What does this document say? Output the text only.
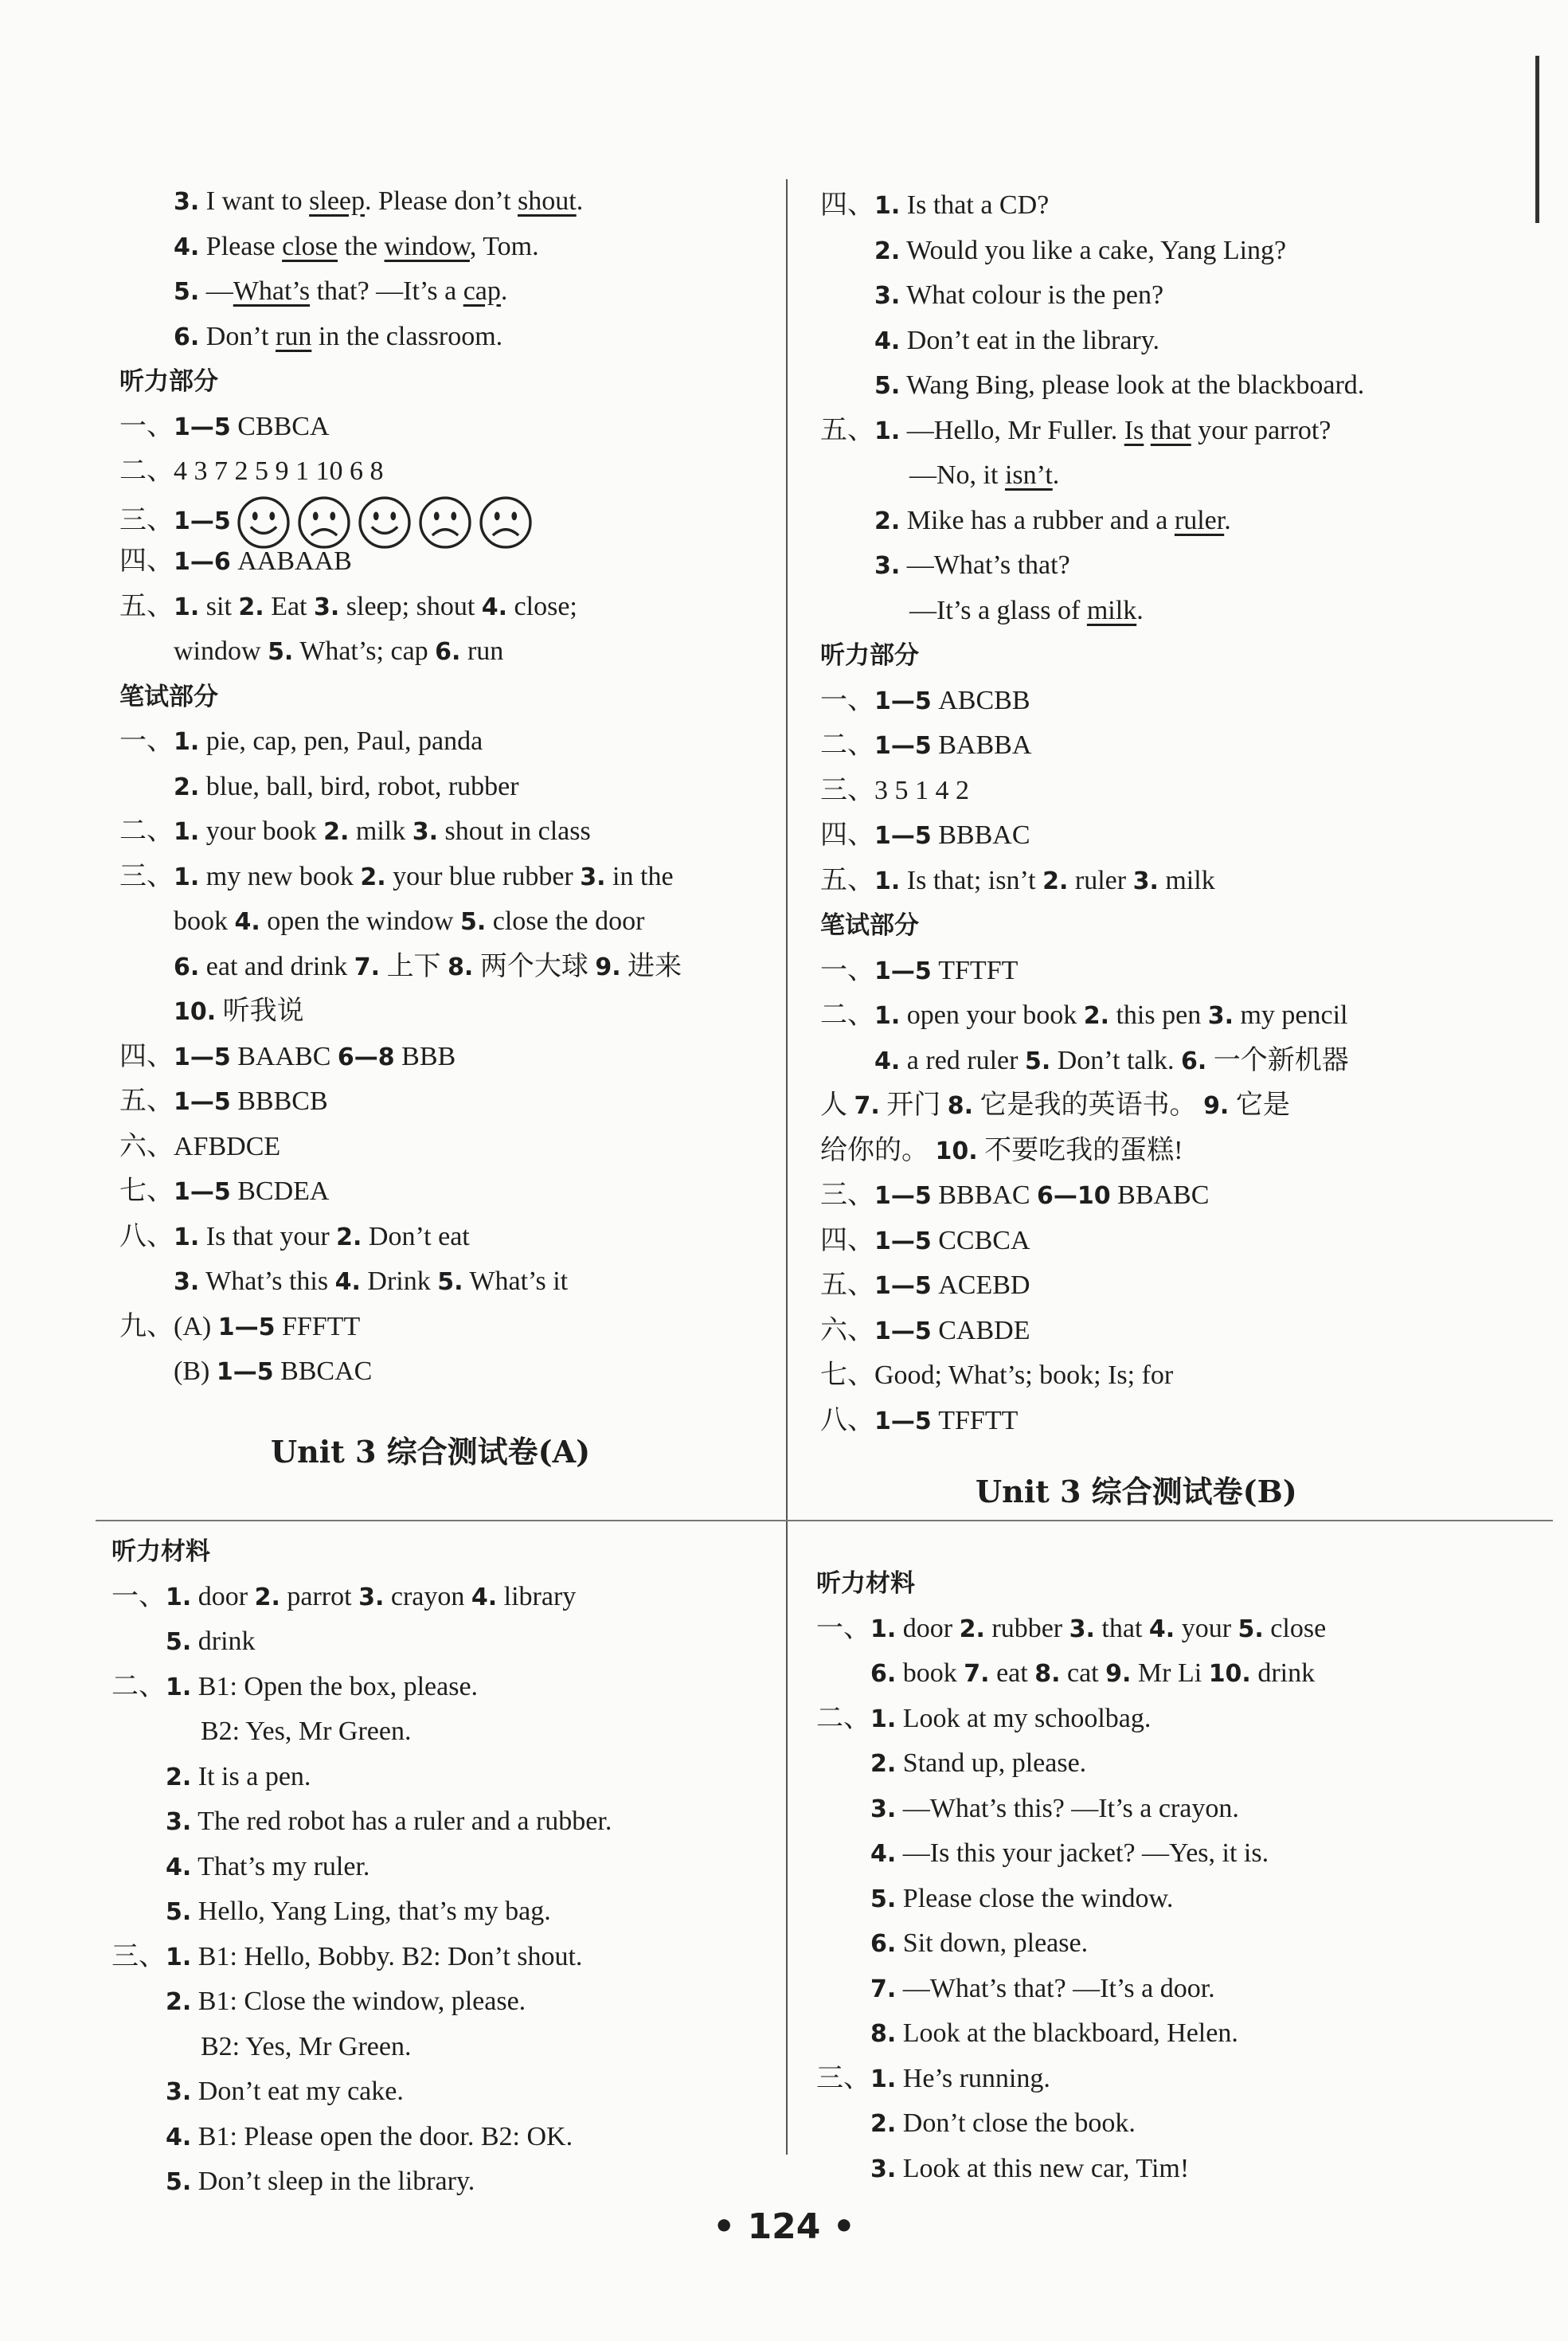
3. I want to sleep. Please don’t shout.
4. Please close the window, Tom.
5. —What’s that? —It’s a cap.
6. Don’t run in the classroom.
听力部分
一、1—5 CBBCA
二、4 3 7 2 5 9 1 10 6 8
三、1—5
四、1—6 AABAAB
五、1. sit 2. Eat 3. sleep; shout 4. close;
window 5. What’s; cap 6. run
笔试部分
一、1. pie, cap, pen, Paul, panda
2. blue, ball, bird, robot, rubber
二、1. your book 2. milk 3. shout in class
三、1. my new book 2. your blue rubber 3. in the
book 4. open the window 5. close the door
6. eat and drink 7. 上下 8. 两个大球 9. 进来
10. 听我说
四、1—5 BAABC 6—8 BBB
五、1—5 BBBCB
六、AFBDCE
七、1—5 BCDEA
八、1. Is that your 2. Don’t eat
3. What’s this 4. Drink 5. What’s it
九、(A) 1—5 FFFTT
(B) 1—5 BBCAC
四、1. Is that a CD?
2. Would you like a cake, Yang Ling?
3. What colour is the pen?
4. Don’t eat in the library.
5. Wang Bing, please look at the blackboard.
五、1. —Hello, Mr Fuller. Is that your parrot?
—No, it isn’t.
2. Mike has a rubber and a ruler.
3. —What’s that?
—It’s a glass of milk.
听力部分
一、1—5 ABCBB
二、1—5 BABBA
三、3 5 1 4 2
四、1—5 BBBAC
五、1. Is that; isn’t 2. ruler 3. milk
笔试部分
一、1—5 TFTFT
二、1. open your book 2. this pen 3. my pencil
4. a red ruler 5. Don’t talk. 6. 一个新机器
人 7. 开门 8. 它是我的英语书。 9. 它是
给你的。 10. 不要吃我的蛋糕!
三、1—5 BBBAC 6—10 BBABC
四、1—5 CCBCA
五、1—5 ACEBD
六、1—5 CABDE
七、Good; What’s; book; Is; for
八、1—5 TFFTT
Unit 3 综合测试卷(A)
Unit 3 综合测试卷(B)
听力材料
一、1. door 2. parrot 3. crayon 4. library
5. drink
二、1. B1: Open the box, please.
B2: Yes, Mr Green.
2. It is a pen.
3. The red robot has a ruler and a rubber.
4. That’s my ruler.
5. Hello, Yang Ling, that’s my bag.
三、1. B1: Hello, Bobby. B2: Don’t shout.
2. B1: Close the window, please.
B2: Yes, Mr Green.
3. Don’t eat my cake.
4. B1: Please open the door. B2: OK.
5. Don’t sleep in the library.
听力材料
一、1. door 2. rubber 3. that 4. your 5. close
6. book 7. eat 8. cat 9. Mr Li 10. drink
二、1. Look at my schoolbag.
2. Stand up, please.
3. —What’s this? —It’s a crayon.
4. —Is this your jacket? —Yes, it is.
5. Please close the window.
6. Sit down, please.
7. —What’s that? —It’s a door.
8. Look at the blackboard, Helen.
三、1. He’s running.
2. Don’t close the book.
3. Look at this new car, Tim!
• 124 •
